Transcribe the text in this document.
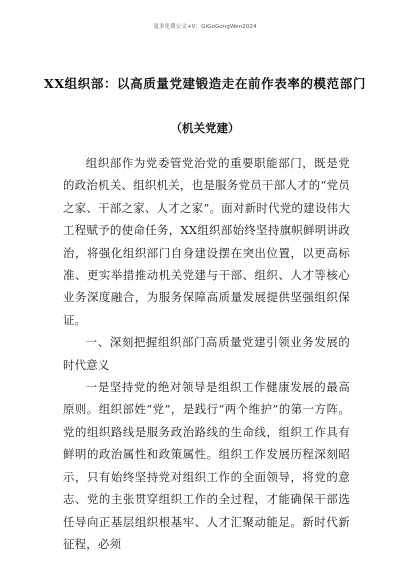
更多免费公文+V：GiGoGongWen2024
XX组织部：以高质量党建锻造走在前作表率的模范部门
（机关党建）

组织部作为党委管党治党的重要职能部门，既是党的政治机关、组织机关，也是服务党员干部人才的“党员之家、干部之家、人才之家”。面对新时代党的建设伟大工程赋予的使命任务，XX组织部始终坚持旗帜鲜明讲政治，将强化组织部门自身建设摆在突出位置，以更高标准、更实举措推动机关党建与干部、组织、人才等核心业务深度融合，为服务保障高质量发展提供坚强组织保证。

一、深刻把握组织部门高质量党建引领业务发展的时代意义

一是坚持党的绝对领导是组织工作健康发展的最高原则。组织部姓“党”，是践行“两个维护”的第一方阵。党的组织路线是服务政治路线的生命线，组织工作具有鲜明的政治属性和政策属性。组织工作发展历程深刻昭示，只有始终坚持党对组织工作的全面领导，将党的意志、党的主张贯穿组织工作的全过程，才能确保干部选任导向正基层组织根基牢、人才汇聚动能足。新时代新征程，必须
